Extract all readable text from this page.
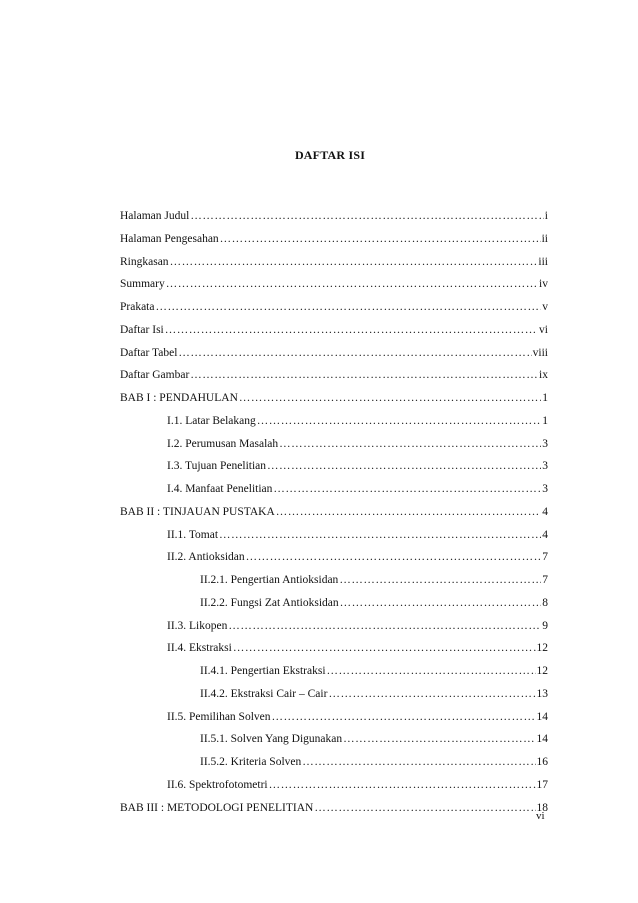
DAFTAR ISI
Halaman Judul …………………………………………………………………………………………………………………………………………………………………………	i
Halaman Pengesahan …………………………………………………………………………………………………………………………………………………………………………	ii
Ringkasan …………………………………………………………………………………………………………………………………………………………………………	iii
Summary …………………………………………………………………………………………………………………………………………………………………………	iv
Prakata …………………………………………………………………………………………………………………………………………………………………………	v
Daftar Isi …………………………………………………………………………………………………………………………………………………………………………	vi
Daftar Tabel …………………………………………………………………………………………………………………………………………………………………………	viii
Daftar Gambar …………………………………………………………………………………………………………………………………………………………………………	ix
BAB I : PENDAHULAN …………………………………………………………………………………………………………………………………………………………………………	1
I.1. Latar Belakang …………………………………………………………………………………………………………………………………………………………………………	1
I.2. Perumusan Masalah …………………………………………………………………………………………………………………………………………………………………………	3
I.3. Tujuan Penelitian …………………………………………………………………………………………………………………………………………………………………………	3
I.4. Manfaat Penelitian …………………………………………………………………………………………………………………………………………………………………………	3
BAB II : TINJAUAN PUSTAKA …………………………………………………………………………………………………………………………………………………………………………	4
II.1. Tomat …………………………………………………………………………………………………………………………………………………………………………	4
II.2. Antioksidan …………………………………………………………………………………………………………………………………………………………………………	7
II.2.1. Pengertian Antioksidan …………………………………………………………………………………………………………………………………………………………………………	7
II.2.2. Fungsi Zat Antioksidan …………………………………………………………………………………………………………………………………………………………………………	8
II.3. Likopen …………………………………………………………………………………………………………………………………………………………………………	9
II.4. Ekstraksi …………………………………………………………………………………………………………………………………………………………………………	12
II.4.1. Pengertian Ekstraksi …………………………………………………………………………………………………………………………………………………………………………	12
II.4.2. Ekstraksi Cair – Cair …………………………………………………………………………………………………………………………………………………………………………	13
II.5. Pemilihan Solven …………………………………………………………………………………………………………………………………………………………………………	14
II.5.1. Solven Yang Digunakan …………………………………………………………………………………………………………………………………………………………………………	14
II.5.2. Kriteria Solven …………………………………………………………………………………………………………………………………………………………………………	16
II.6. Spektrofotometri …………………………………………………………………………………………………………………………………………………………………………	17
BAB III : METODOLOGI PENELITIAN …………………………………………………………………………………………………………………………………………………………………………	18
vi
